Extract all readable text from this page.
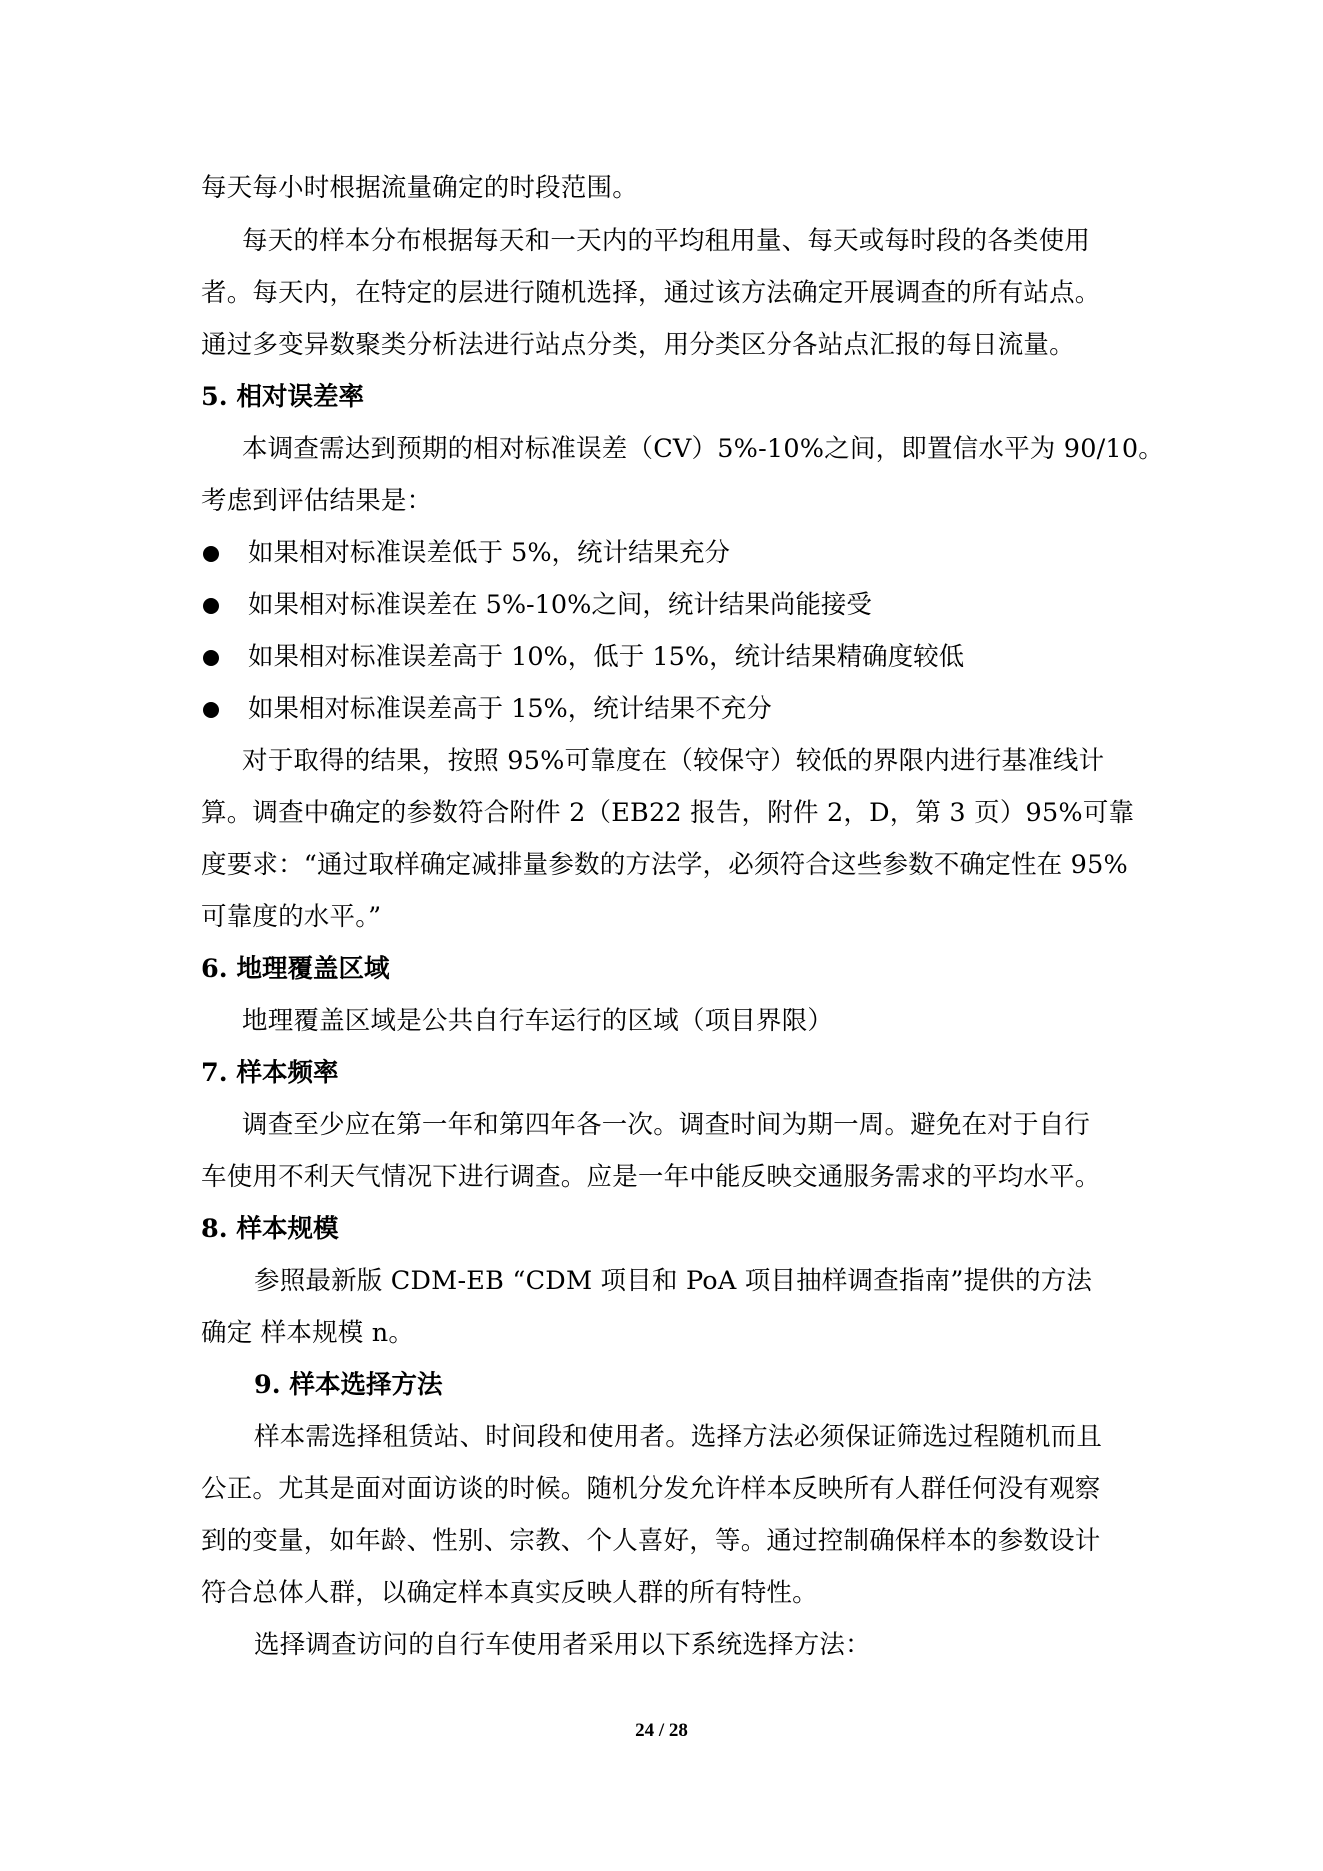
每天每小时根据流量确定的时段范围。
每天的样本分布根据每天和一天内的平均租用量、每天或每时段的各类使用
者。每天内，在特定的层进行随机选择，通过该方法确定开展调查的所有站点。
通过多变异数聚类分析法进行站点分类，用分类区分各站点汇报的每日流量。
5. 相对误差率
本调查需达到预期的相对标准误差（CV）5%-10%之间，即置信水平为 90/10。
考虑到评估结果是：
如果相对标准误差低于 5%，统计结果充分
如果相对标准误差在 5%-10%之间，统计结果尚能接受
如果相对标准误差高于 10%，低于 15%，统计结果精确度较低
如果相对标准误差高于 15%，统计结果不充分
对于取得的结果，按照 95%可靠度在（较保守）较低的界限内进行基准线计
算。调查中确定的参数符合附件 2（EB22 报告，附件 2，D，第 3 页）95%可靠
度要求：“通过取样确定减排量参数的方法学，必须符合这些参数不确定性在 95%
可靠度的水平。”
6. 地理覆盖区域
地理覆盖区域是公共自行车运行的区域（项目界限）
7. 样本频率
调查至少应在第一年和第四年各一次。调查时间为期一周。避免在对于自行
车使用不利天气情况下进行调查。应是一年中能反映交通服务需求的平均水平。
8. 样本规模
参照最新版 CDM-EB “CDM 项目和 PoA 项目抽样调查指南”提供的方法
确定 样本规模 n。
9. 样本选择方法
样本需选择租赁站、时间段和使用者。选择方法必须保证筛选过程随机而且
公正。尤其是面对面访谈的时候。随机分发允许样本反映所有人群任何没有观察
到的变量，如年龄、性别、宗教、个人喜好，等。通过控制确保样本的参数设计
符合总体人群，以确定样本真实反映人群的所有特性。
选择调查访问的自行车使用者采用以下系统选择方法：
24 / 28
